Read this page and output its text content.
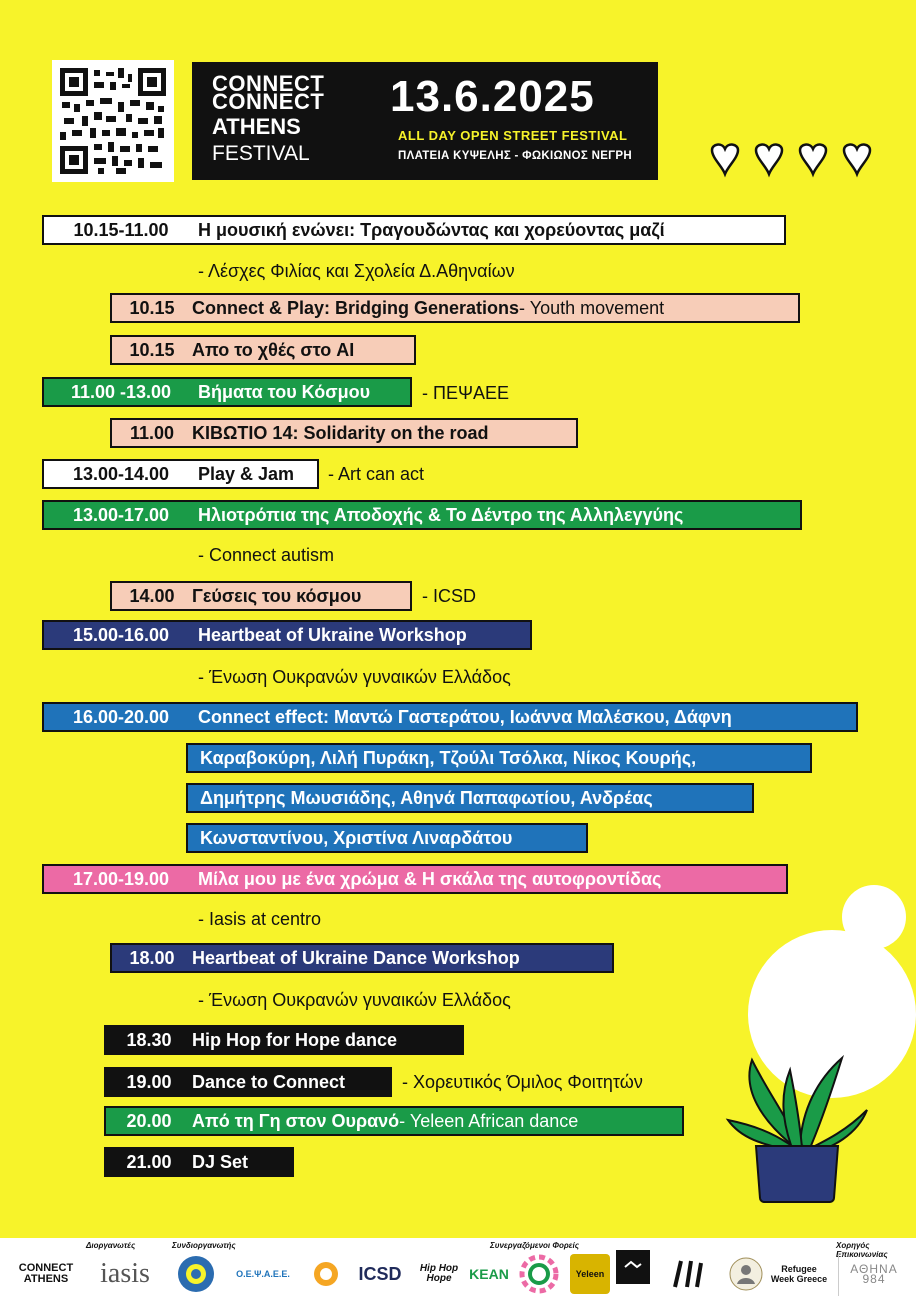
CONNECT
CONNECT
ATHENS
FESTIVAL
13.6.2025
ALL DAY OPEN STREET FESTIVAL
ΠΛΑΤΕΙΑ ΚΥΨΕΛΗΣ - ΦΩΚΙΩΝΟΣ ΝΕΓΡΗ
10.15-11.00	Η μουσική ενώνει: Τραγουδώντας και χορεύοντας μαζί
- Λέσχες Φιλίας και Σχολεία Δ.Αθηναίων
10.15 Connect & Play: Bridging Generations - Youth movement
10.15 Απο το χθές στο AI
11.00 -13.00	Βήματα του Κόσμου	- ΠΕΨΑΕΕ
11.00 ΚΙΒΩΤΙΟ 14: Solidarity on the road
13.00-14.00	Play & Jam - Art can act
13.00-17.00	Ηλιοτρόπια της Αποδοχής & Το Δέντρο της Αλληλεγγύης
- Connect autism
14.00 Γεύσεις του κόσμου	- ICSD
15.00-16.00	Heartbeat of Ukraine Workshop
- Ένωση Ουκρανών γυναικών Ελλάδος
16.00-20.00	Connect effect: Μαντώ Γαστεράτου, Ιωάννα Μαλέσκου, Δάφνη
Καραβοκύρη, Λιλή Πυράκη, Τζούλι Τσόλκα, Νίκος Κουρής,
Δημήτρης Μωυσιάδης, Αθηνά Παπαφωτίου, Ανδρέας
Κωνσταντίνου, Χριστίνα Λιναρδάτου
17.00-19.00	Μίλα μου με ένα χρώμα & Η σκάλα της αυτοφροντίδας
- Iasis at centro
18.00 Heartbeat of Ukraine Dance Workshop
- Ένωση Ουκρανών γυναικών Ελλάδος
18.30	Hip Hop for Hope dance
19.00	Dance to Connect	- Χορευτικός Όμιλος Φοιτητών
20.00	Από τη Γη στον Ουρανό - Yeleen African dance
21.00	DJ Set
Διοργανωτές	Συνδιοργανωτής	Συνεργαζόμενοι Φορείς	Χορηγός Επικοινωνίας
CONNECT ATHENS	iasis	Ο.Ε.Ψ.Α.Ε.Ε.	ICSD	Hip Hop Hope	KEAN	Yeleen	Refugee Week Greece
ΑΘΗΝΑ 984
